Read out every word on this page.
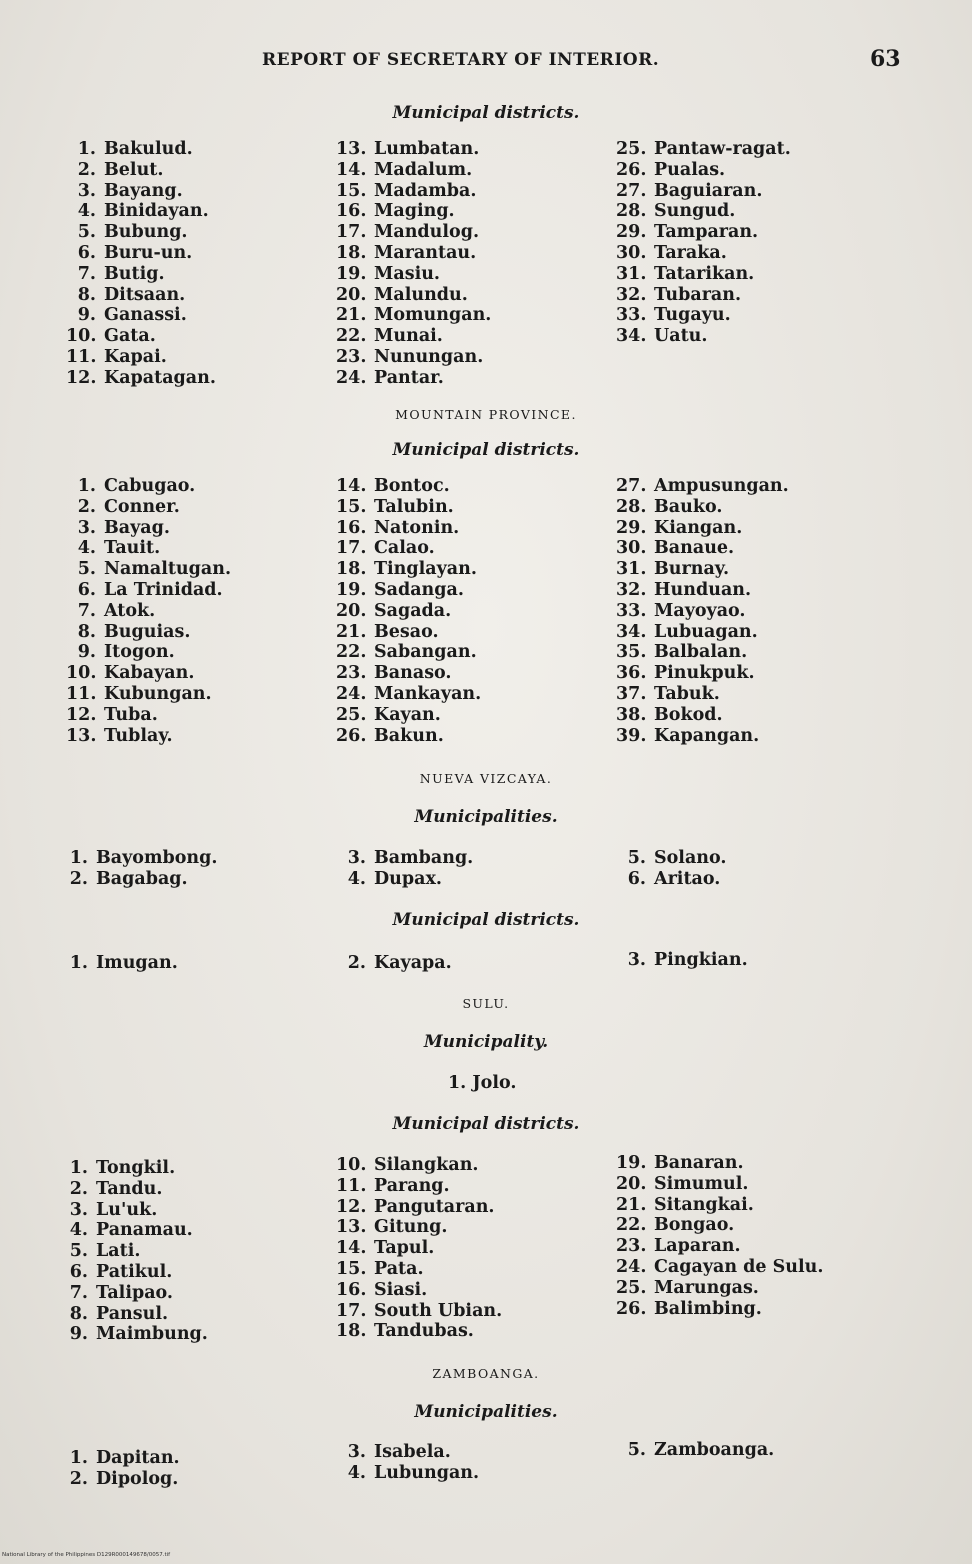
REPORT OF SECRETARY OF INTERIOR.	63
Municipal districts.
1. Bakulud.
2. Belut.
3. Bayang.
4. Binidayan.
5. Bubung.
6. Buru-un.
7. Butig.
8. Ditsaan.
9. Ganassi.
10. Gata.
11. Kapai.
12. Kapatagan.
13. Lumbatan.
14. Madalum.
15. Madamba.
16. Maging.
17. Mandulog.
18. Marantau.
19. Masiu.
20. Malundu.
21. Momungan.
22. Munai.
23. Nunungan.
24. Pantar.
25. Pantaw-ragat.
26. Pualas.
27. Baguiaran.
28. Sungud.
29. Tamparan.
30. Taraka.
31. Tatarikan.
32. Tubaran.
33. Tugayu.
34. Uatu.
MOUNTAIN PROVINCE.
Municipal districts.
1. Cabugao.
2. Conner.
3. Bayag.
4. Tauit.
5. Namaltugan.
6. La Trinidad.
7. Atok.
8. Buguias.
9. Itogon.
10. Kabayan.
11. Kubungan.
12. Tuba.
13. Tublay.
14. Bontoc.
15. Talubin.
16. Natonin.
17. Calao.
18. Tinglayan.
19. Sadanga.
20. Sagada.
21. Besao.
22. Sabangan.
23. Banaso.
24. Mankayan.
25. Kayan.
26. Bakun.
27. Ampusungan.
28. Bauko.
29. Kiangan.
30. Banaue.
31. Burnay.
32. Hunduan.
33. Mayoyao.
34. Lubuagan.
35. Balbalan.
36. Pinukpuk.
37. Tabuk.
38. Bokod.
39. Kapangan.
NUEVA VIZCAYA.
Municipalities.
1. Bayombong.
2. Bagabag.
3. Bambang.
4. Dupax.
5. Solano.
6. Aritao.
Municipal districts.
1. Imugan.	2. Kayapa.	3. Pingkian.
SULU.
Municipality.
1. Jolo.
Municipal districts.
1. Tongkil.
2. Tandu.
3. Lu'uk.
4. Panamau.
5. Lati.
6. Patikul.
7. Talipao.
8. Pansul.
9. Maimbung.
10. Silangkan.
11. Parang.
12. Pangutaran.
13. Gitung.
14. Tapul.
15. Pata.
16. Siasi.
17. South Ubian.
18. Tandubas.
19. Banaran.
20. Simumul.
21. Sitangkai.
22. Bongao.
23. Laparan.
24. Cagayan de Sulu.
25. Marungas.
26. Balimbing.
ZAMBOANGA.
Municipalities.
1. Dapitan.
2. Dipolog.
3. Isabela.
4. Lubungan.
5. Zamboanga.
National Library of the Philippines D129R000149678/0057.tif
